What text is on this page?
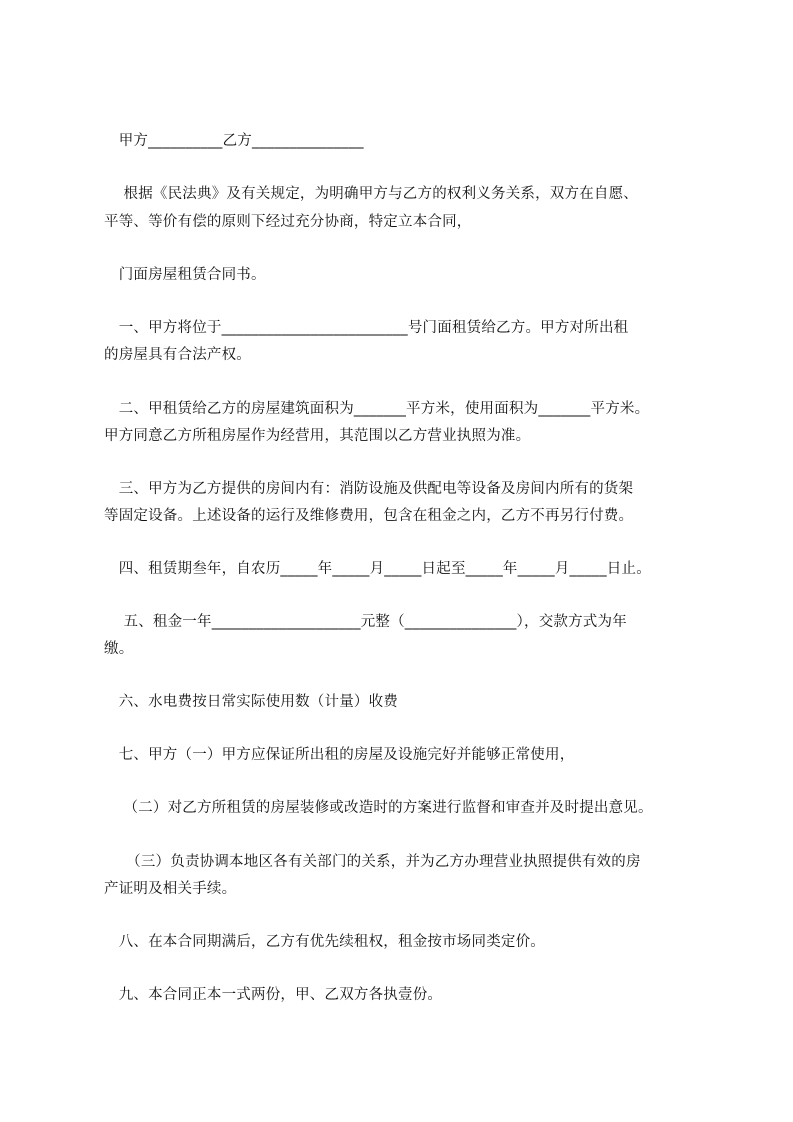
　甲方__________乙方_______________
　 根据《民法典》及有关规定，为明确甲方与乙方的权利义务关系，双方在自愿、
平等、等价有偿的原则下经过充分协商，特定立本合同，
　门面房屋租赁合同书。
　一、甲方将位于_________________________号门面租赁给乙方。甲方对所出租
的房屋具有合法产权。
　二、甲租赁给乙方的房屋建筑面积为_______平方米，使用面积为_______平方米。
甲方同意乙方所租房屋作为经营用，其范围以乙方营业执照为准。
　三、甲方为乙方提供的房间内有：消防设施及供配电等设备及房间内所有的货架
等固定设备。上述设备的运行及维修费用，包含在租金之内，乙方不再另行付费。
　四、租赁期叁年，自农历_____年_____月_____日起至_____年_____月_____日止。
　 五、租金一年____________________元整（_______________），交款方式为年
缴。
　六、水电费按日常实际使用数（计量）收费
　七、甲方（一）甲方应保证所出租的房屋及设施完好并能够正常使用，
　 （二）对乙方所租赁的房屋装修或改造时的方案进行监督和审查并及时提出意见。
　　（三）负责协调本地区各有关部门的关系，并为乙方办理营业执照提供有效的房
产证明及相关手续。
　八、在本合同期满后，乙方有优先续租权，租金按市场同类定价。
　九、本合同正本一式两份，甲、乙双方各执壹份。
